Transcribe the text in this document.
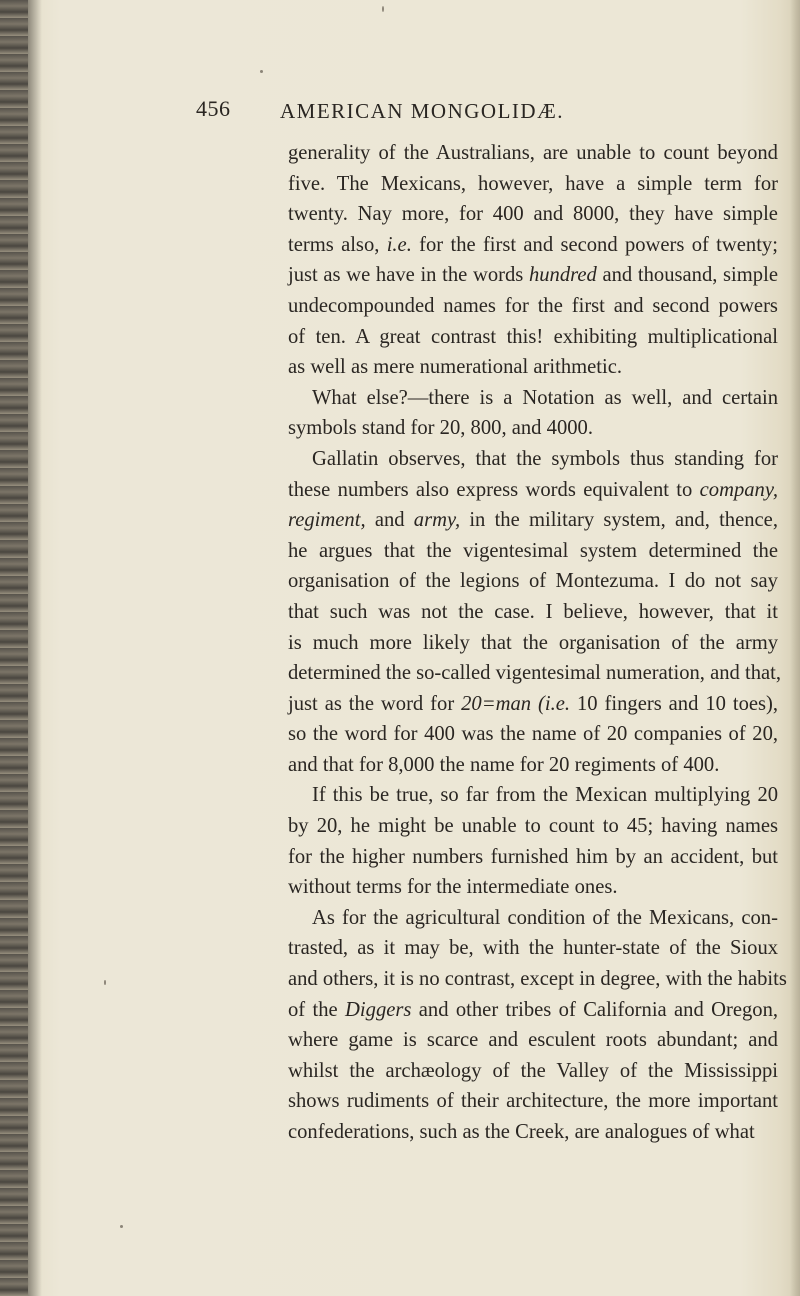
456 AMERICAN MONGOLIDÆ.
generality of the Australians, are unable to count beyond
five. The Mexicans, however, have a simple term for
twenty. Nay more, for 400 and 8000, they have simple
terms also, i.e. for the first and second powers of twenty;
just as we have in the words hundred and thousand, simple
undecompounded names for the first and second powers
of ten. A great contrast this! exhibiting multiplicational
as well as mere numerational arithmetic.
What else?—there is a Notation as well, and certain
symbols stand for 20, 800, and 4000.
Gallatin observes, that the symbols thus standing for
these numbers also express words equivalent to company,
regiment, and army, in the military system, and, thence,
he argues that the vigentesimal system determined the
organisation of the legions of Montezuma. I do not say
that such was not the case. I believe, however, that it
is much more likely that the organisation of the army
determined the so-called vigentesimal numeration, and that,
just as the word for 20=man (i.e. 10 fingers and 10 toes),
so the word for 400 was the name of 20 companies of 20,
and that for 8,000 the name for 20 regiments of 400.
If this be true, so far from the Mexican multiplying 20
by 20, he might be unable to count to 45; having names
for the higher numbers furnished him by an accident, but
without terms for the intermediate ones.
As for the agricultural condition of the Mexicans, con-
trasted, as it may be, with the hunter-state of the Sioux
and others, it is no contrast, except in degree, with the habits
of the Diggers and other tribes of California and Oregon,
where game is scarce and esculent roots abundant; and
whilst the archæology of the Valley of the Mississippi
shows rudiments of their architecture, the more important
confederations, such as the Creek, are analogues of what
